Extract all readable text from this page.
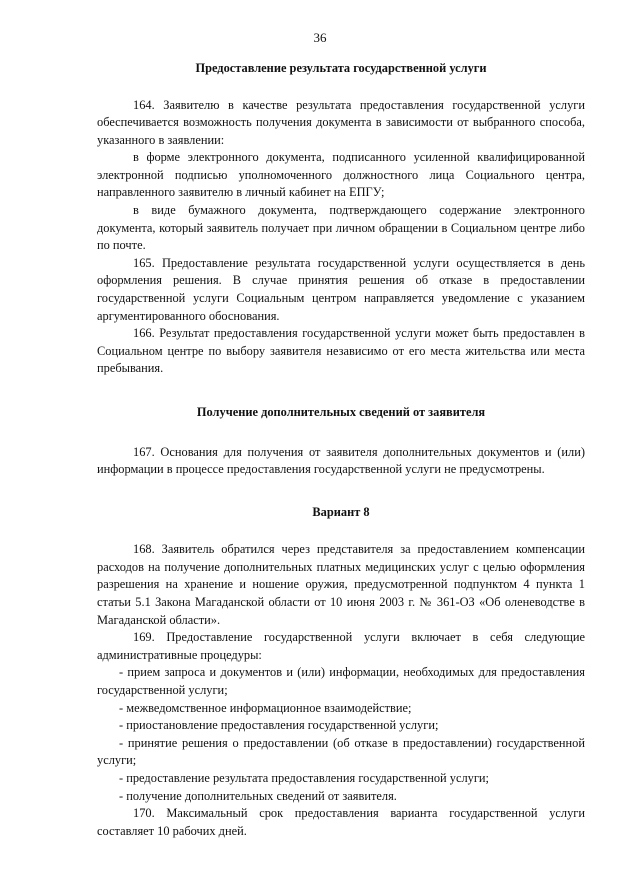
36
Предоставление результата государственной услуги

164. Заявителю в качестве результата предоставления государственной услуги обеспечивается возможность получения документа в зависимости от выбранного способа, указанного в заявлении:

в форме электронного документа, подписанного усиленной квалифицированной электронной подписью уполномоченного должностного лица Социального центра, направленного заявителю в личный кабинет на ЕПГУ;

в виде бумажного документа, подтверждающего содержание электронного документа, который заявитель получает при личном обращении в Социальном центре либо по почте.

165. Предоставление результата государственной услуги осуществляется в день оформления решения. В случае принятия решения об отказе в предоставлении государственной услуги Социальным центром направляется уведомление с указанием аргументированного обоснования.

166. Результат предоставления государственной услуги может быть предоставлен в Социальном центре по выбору заявителя независимо от его места жительства или места пребывания.

Получение дополнительных сведений от заявителя

167. Основания для получения от заявителя дополнительных документов и (или) информации в процессе предоставления государственной услуги не предусмотрены.

Вариант 8

168. Заявитель обратился через представителя за предоставлением компенсации расходов на получение дополнительных платных медицинских услуг с целью оформления разрешения на хранение и ношение оружия, предусмотренной подпунктом 4 пункта 1 статьи 5.1 Закона Магаданской области от 10 июня 2003 г. № 361-ОЗ «Об оленеводстве в Магаданской области».

169. Предоставление государственной услуги включает в себя следующие административные процедуры:

- прием запроса и документов и (или) информации, необходимых для предоставления государственной услуги;

- межведомственное информационное взаимодействие;

- приостановление предоставления государственной услуги;

- принятие решения о предоставлении (об отказе в предоставлении) государственной услуги;

- предоставление результата предоставления государственной услуги;

- получение дополнительных сведений от заявителя.

170. Максимальный срок предоставления варианта государственной услуги составляет 10 рабочих дней.
